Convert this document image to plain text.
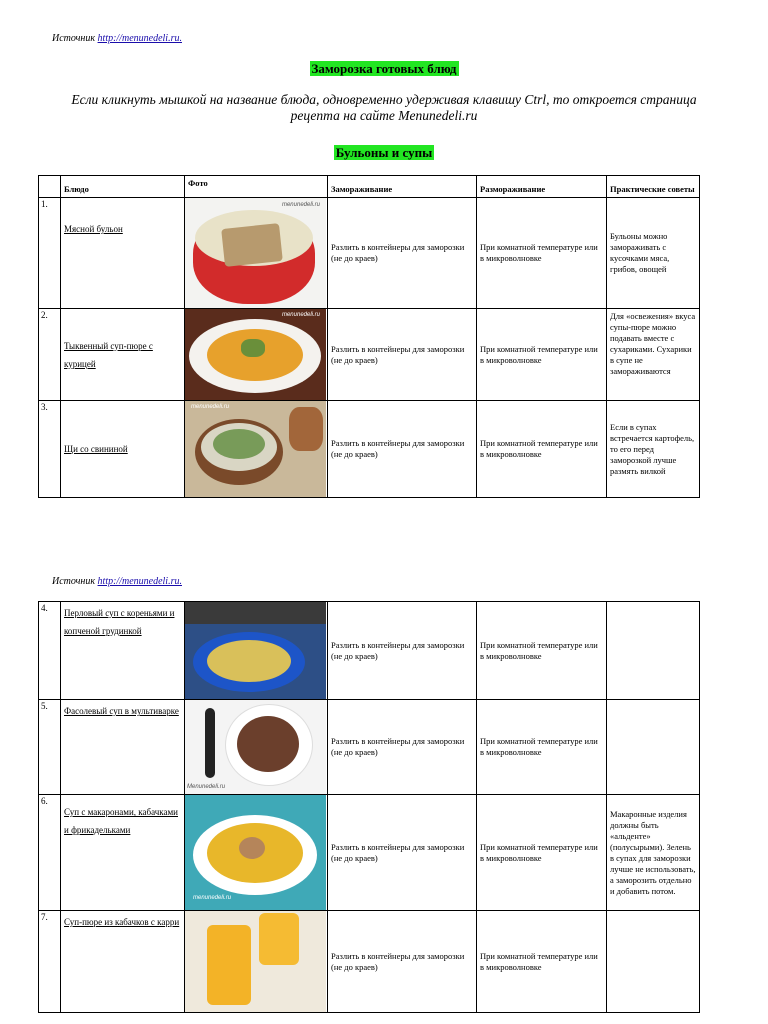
Источник http://menunedeli.ru.
Заморозка готовых блюд
Если кликнуть мышкой на название блюда, одновременно удерживая клавишу Ctrl, то откроется страница рецепта на сайте Menunedeli.ru
Бульоны и супы
	Блюдо	Фото	Замораживание	Размораживание	Практические советы
1.	Мясной бульон	menunedeli.ru	Разлить в контейнеры для заморозки (не до краев)	При комнатной температуре или в микроволновке	Бульоны можно замораживать с кусочками мяса, грибов, овощей
2.	Тыквенный суп-пюре с курицей	menunedeli.ru	Разлить в контейнеры для заморозки (не до краев)	При комнатной температуре или в микроволновке	Для «освежения» вкуса супы-пюре можно подавать вместе с сухариками. Сухарики в супе не замораживаются
3.	Щи со свининой	menunedeli.ru	Разлить в контейнеры для заморозки (не до краев)	При комнатной температуре или в микроволновке	Если в супах встречается картофель, то его перед заморозкой лучше размять вилкой
Источник http://menunedeli.ru.
4.	Перловый суп с кореньями и копченой грудинкой		Разлить в контейнеры для заморозки (не до краев)	При комнатной температуре или в микроволновке	
5.	Фасолевый суп в мультиварке	Menunedeli.ru	Разлить в контейнеры для заморозки (не до краев)	При комнатной температуре или в микроволновке	
6.	Суп с макаронами, кабачками и фрикадельками	menunedeli.ru	Разлить в контейнеры для заморозки (не до краев)	При комнатной температуре или в микроволновке	Макаронные изделия должны быть «альденте» (полусырыми). Зелень в супах для заморозки лучше не использовать, а заморозить отдельно и добавить потом.
7.	Суп-пюре из кабачков с карри		Разлить в контейнеры для заморозки (не до краев)	При комнатной температуре или в микроволновке	
